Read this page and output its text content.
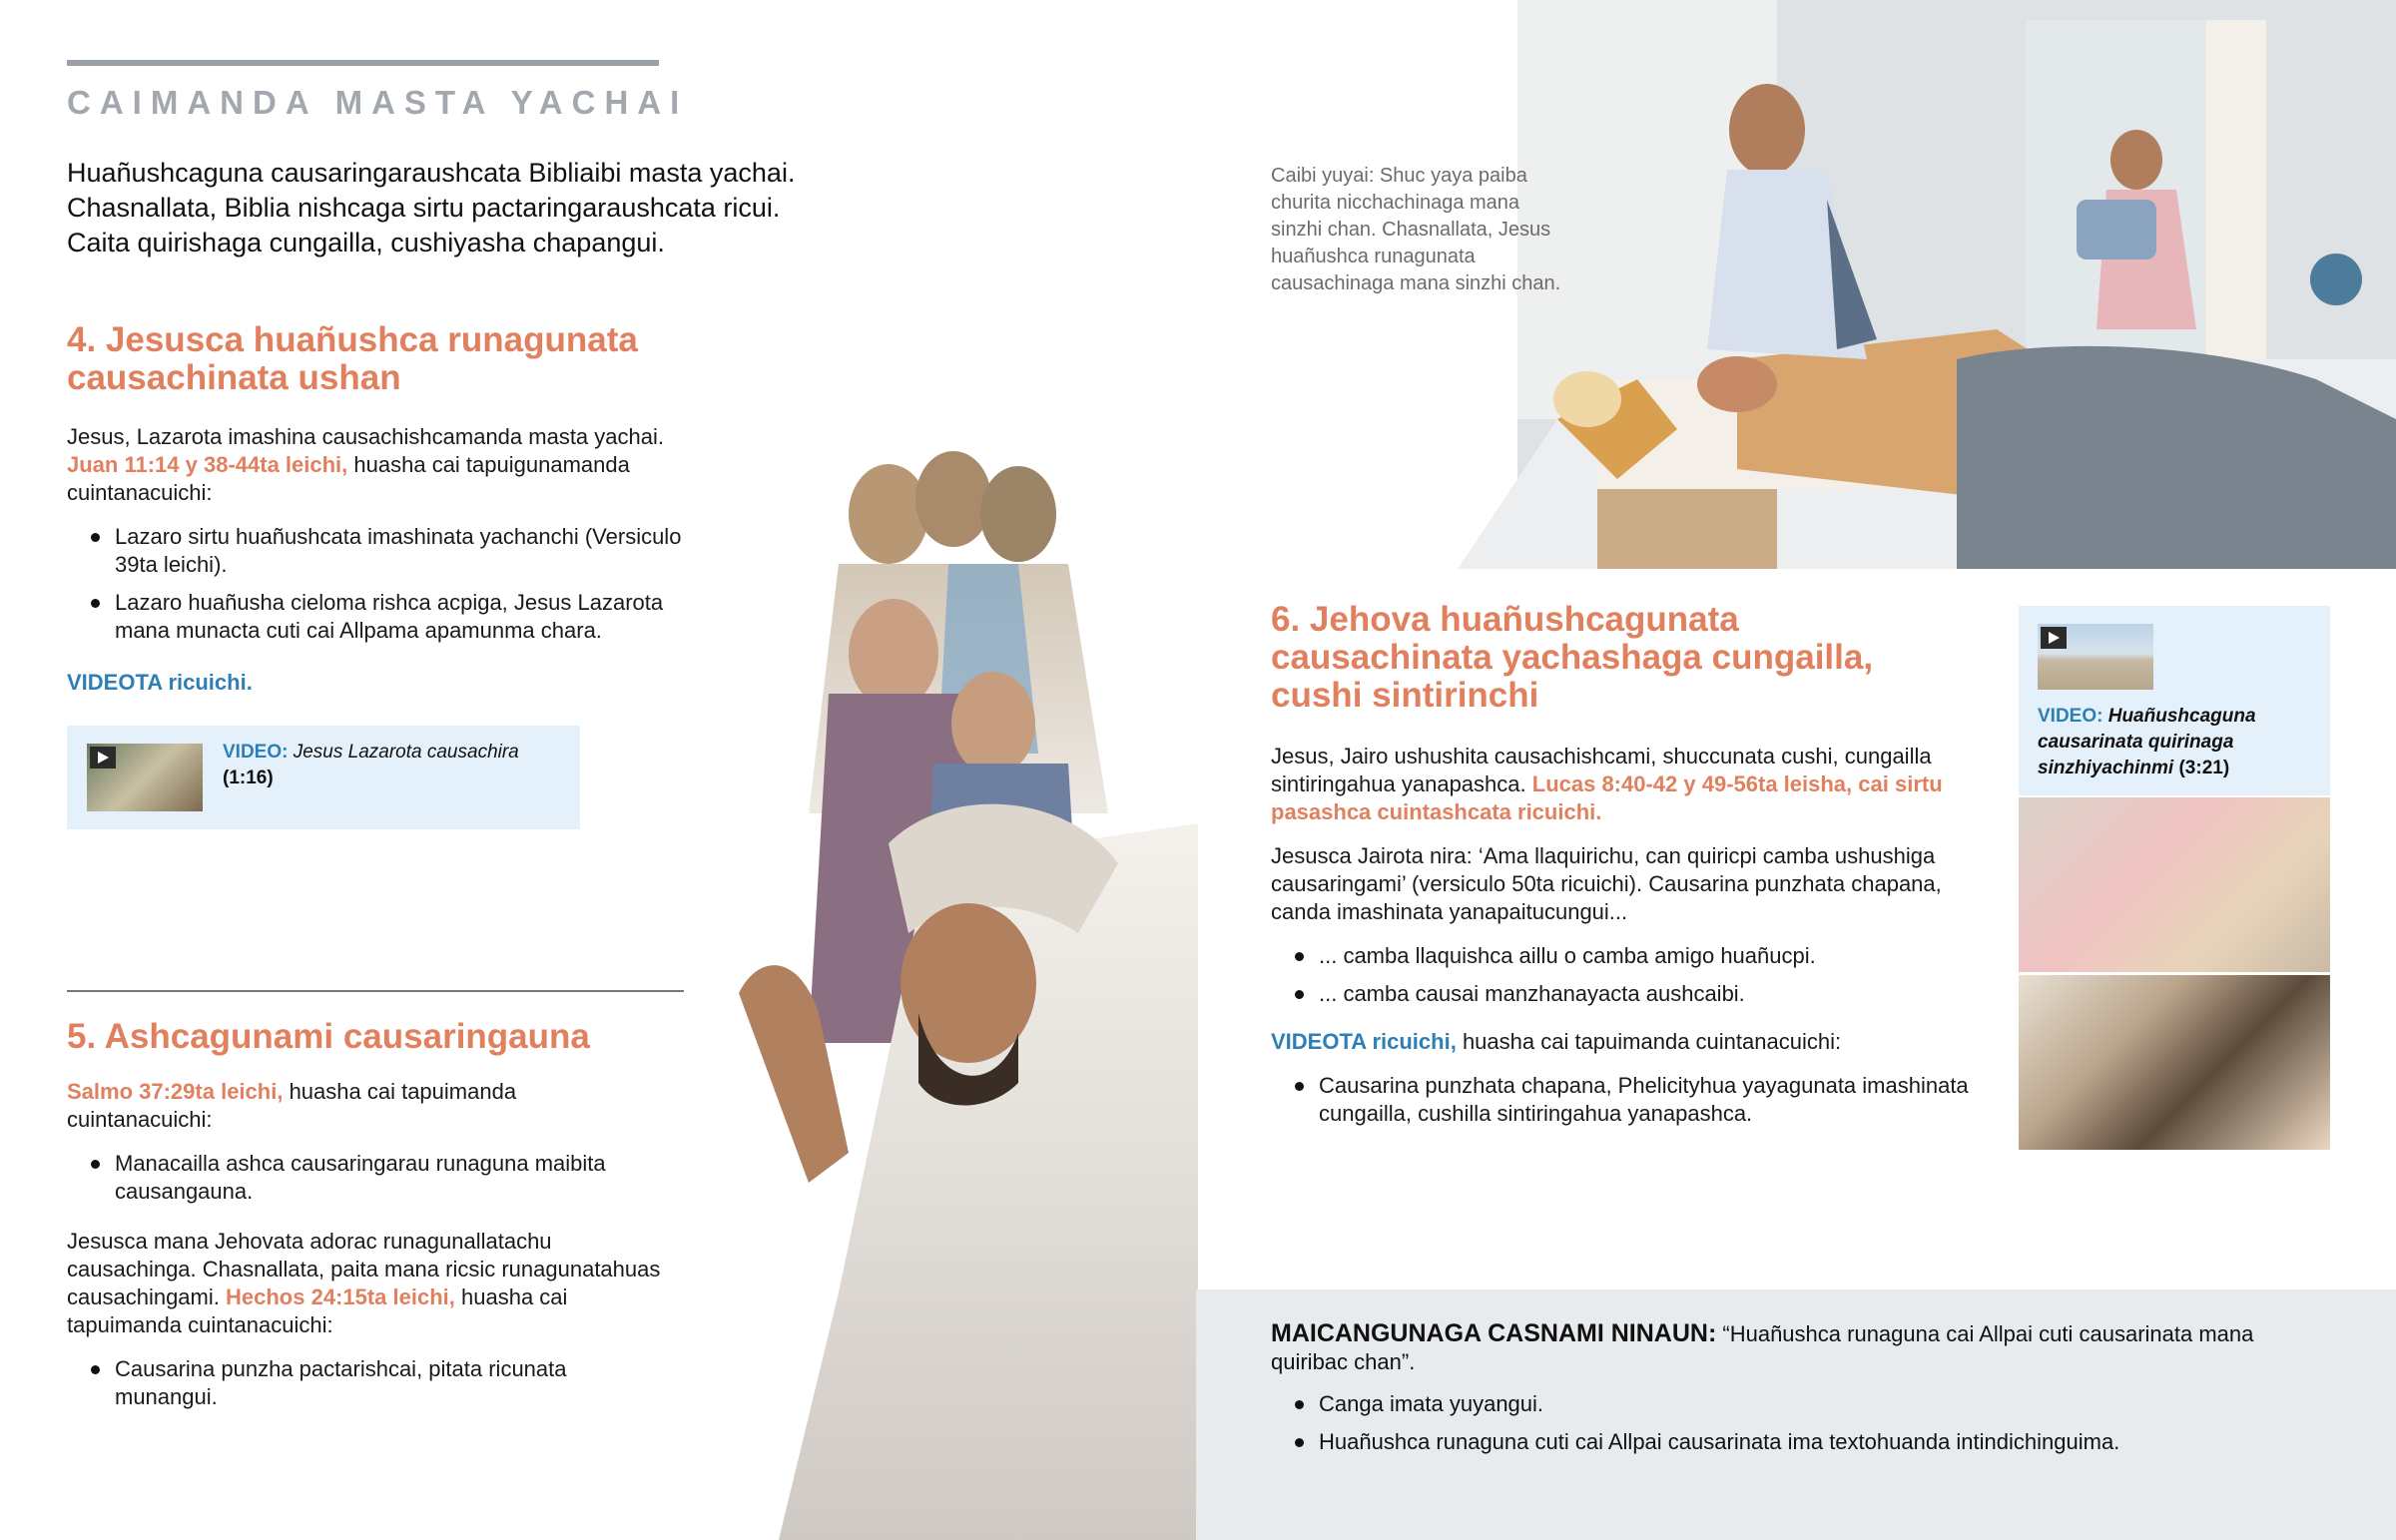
CAIMANDA MASTA YACHAI

Huañushcaguna causaringaraushcata Bibliaibi masta yachai.

Chasnallata, Biblia nishcaga sirtu pactaringaraushcata ricui.

Caita quirishaga cungailla, cushiyasha chapangui.

4. Jesusca huañushca runagunata causachinata ushan

Jesus, Lazarota imashina causachishcamanda masta yachai.
Juan 11:14 y 38-44ta leichi, huasha cai tapuigunamanda cuintanacuichi:

Lazaro sirtu huañushcata imashinata yachanchi (Versiculo 39ta leichi).
Lazaro huañusha cieloma rishca acpiga, Jesus Lazarota mana munacta cuti cai Allpama apamunma chara.

VIDEOTA ricuichi.

VIDEO: Jesus Lazarota causachira
(1:16)
5. Ashcagunami causaringauna

Salmo 37:29ta leichi, huasha cai tapuimanda cuintanacuichi:

Manacailla ashca causaringarau runaguna maibita causangauna.

Jesusca mana Jehovata adorac runagunallatachu causachinga. Chasnallata, paita mana ricsic runagunatahuas causachingami. Hechos 24:15ta leichi, huasha cai tapuimanda cuintanacuichi:

Causarina punzha pactarishcai, pitata ricunata munangui.
Caibi yuyai: Shuc yaya paiba churita nicchachinaga mana sinzhi chan. Chasnallata, Jesus huañushca runagunata causachinaga mana sinzhi chan.
6. Jehova huañushcagunata causachinata yachashaga cungailla, cushi sintirinchi

Jesus, Jairo ushushita causachishcami, shuccunata cushi, cungailla sintiringahua yanapashca. Lucas 8:40-42 y 49-56ta leisha, cai sirtu pasashca cuintashcata ricuichi.

Jesusca Jairota nira: ‘Ama llaquirichu, can quiricpi camba ushushiga causaringami’ (versiculo 50ta ricuichi). Causarina punzhata chapana, canda imashinata yanapaitucungui...

... camba llaquishca aillu o camba amigo huañucpi.
... camba causai manzhanayacta aushcaibi.

VIDEOTA ricuichi, huasha cai tapuimanda cuintanacuichi:

Causarina punzhata chapana, Phelicityhua yayagunata imashinata cungailla, cushilla sintiringahua yanapashca.
VIDEO: Huañushcaguna causarinata quirinaga sinzhiyachinmi (3:21)
MAICANGUNAGA CASNAMI NINAUN: “Huañushca runaguna cai Allpai cuti causarinata mana quiribac chan”.
Canga imata yuyangui.
Huañushca runaguna cuti cai Allpai causarinata ima textohuanda intindichinguima.
